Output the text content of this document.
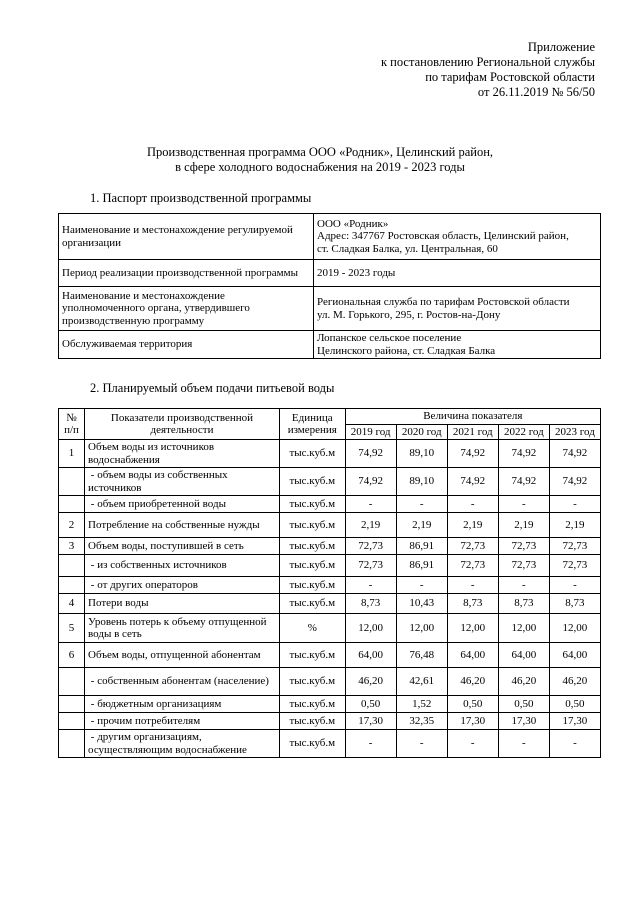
Приложение
к постановлению Региональной службы
по тарифам Ростовской области
от 26.11.2019 № 56/50
Производственная программа ООО «Родник», Целинский район,
в сфере холодного водоснабжения на 2019 - 2023 годы
1. Паспорт производственной программы
Наименование и местонахождение регулируемой организации	ООО «Родник»
Адрес: 347767 Ростовская область, Целинский район,
ст. Сладкая Балка, ул. Центральная, 60

Период реализации производственной программы	2019 - 2023 годы

Наименование и местонахождение уполномоченного органа, утвердившего производственную программу	Региональная служба по тарифам Ростовской области
ул. М. Горького, 295, г. Ростов-на-Дону

Обслуживаемая территория	Лопанское сельское поселение
Целинского района, ст. Сладкая Балка
2. Планируемый объем подачи питьевой воды
№ п/п	Показатели производственной деятельности	Единица измерения	Величина показателя				
			2019 год	2020 год	2021 год	2022 год	2023 год
1	Объем воды из источников водоснабжения	тыс.куб.м	74,92	89,10	74,92	74,92	74,92
	- объем воды из собственных источников	тыс.куб.м	74,92	89,10	74,92	74,92	74,92
	- объем приобретенной воды	тыс.куб.м	-	-	-	-	-
2	Потребление на собственные нужды	тыс.куб.м	2,19	2,19	2,19	2,19	2,19
3	Объем воды, поступившей в сеть	тыс.куб.м	72,73	86,91	72,73	72,73	72,73
	- из собственных источников	тыс.куб.м	72,73	86,91	72,73	72,73	72,73
	- от других операторов	тыс.куб.м	-	-	-	-	-
4	Потери воды	тыс.куб.м	8,73	10,43	8,73	8,73	8,73
5	Уровень потерь к объему отпущенной воды в сеть	%	12,00	12,00	12,00	12,00	12,00
6	Объем воды, отпущенной абонентам	тыс.куб.м	64,00	76,48	64,00	64,00	64,00
	- собственным абонентам (население)	тыс.куб.м	46,20	42,61	46,20	46,20	46,20
	- бюджетным организациям	тыс.куб.м	0,50	1,52	0,50	0,50	0,50
	- прочим потребителям	тыс.куб.м	17,30	32,35	17,30	17,30	17,30
	- другим организациям, осуществляющим водоснабжение	тыс.куб.м	-	-	-	-	-
